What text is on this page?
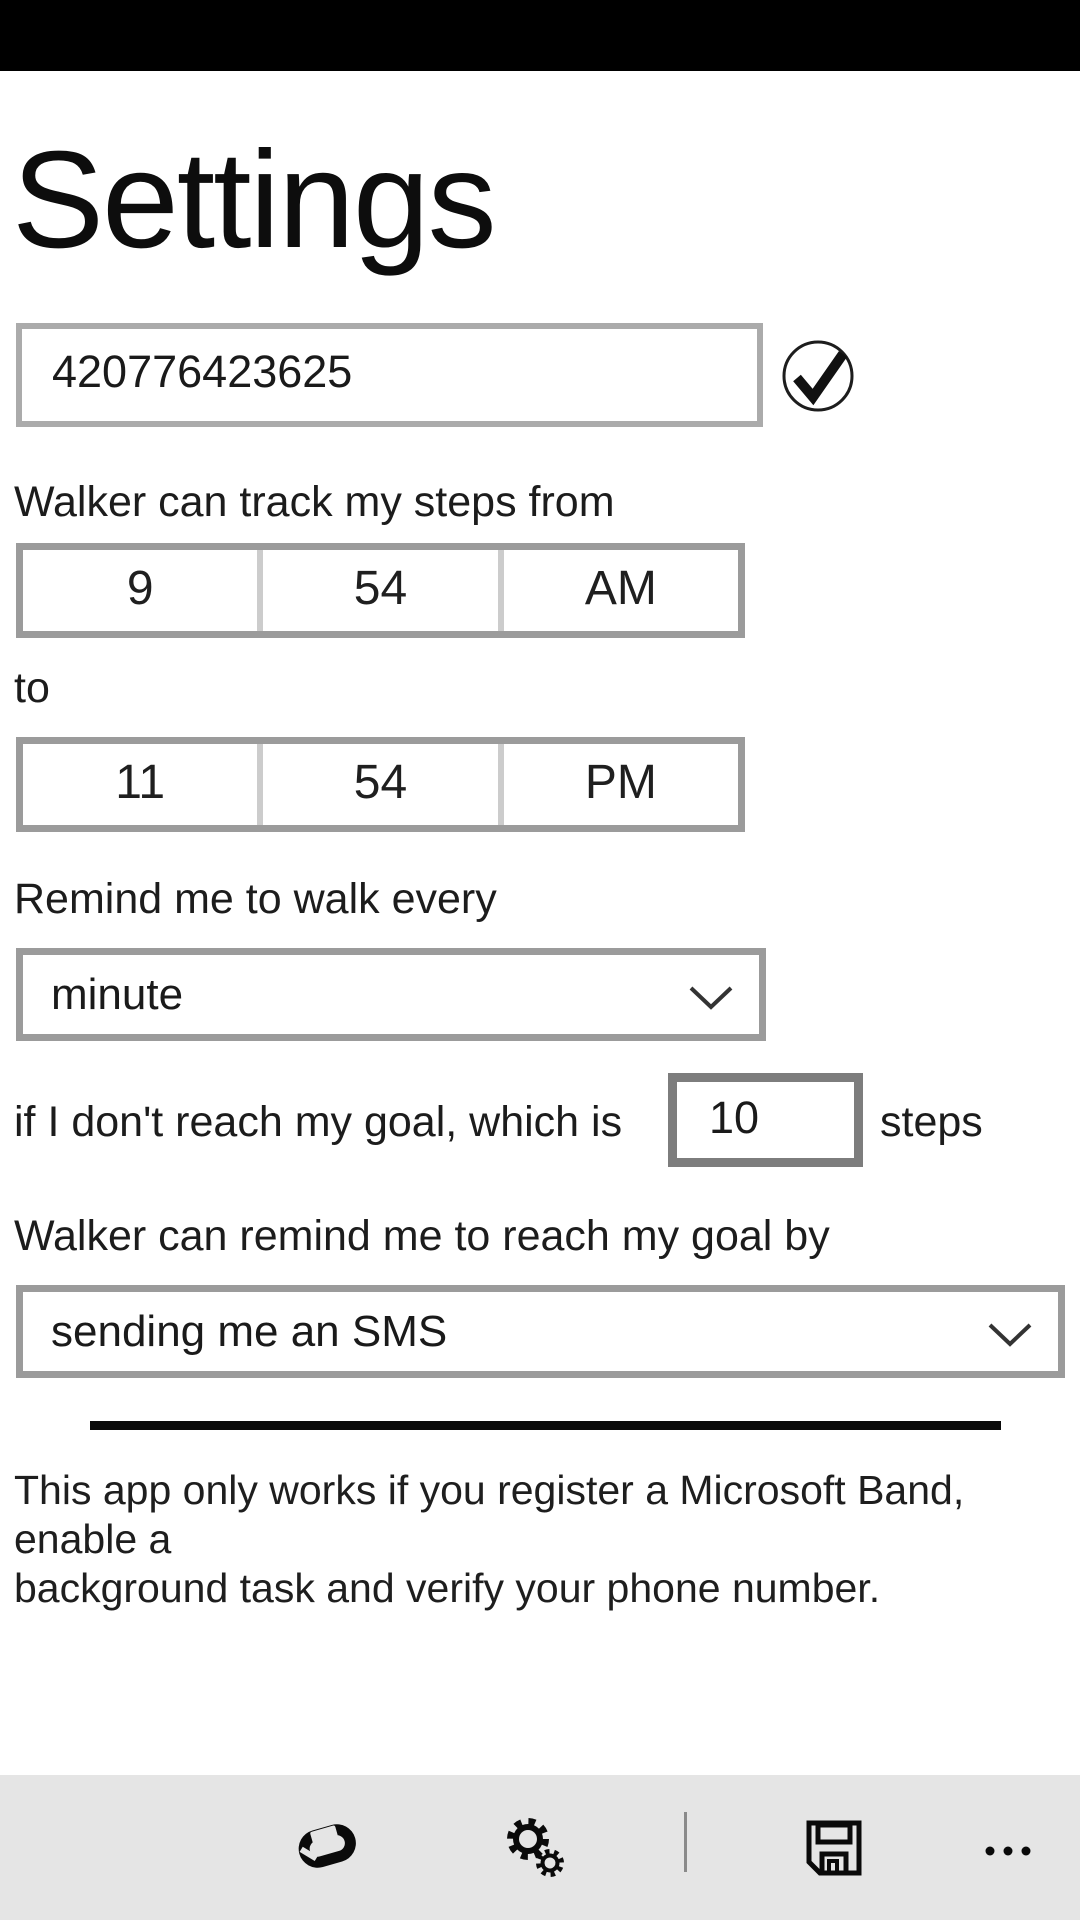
Settings
420776423625
Walker can track my steps from
9	54	AM
to
11	54	PM
Remind me to walk every
minute
if I don't reach my goal, which is	10	steps
Walker can remind me to reach my goal by
sending me an SMS
This app only works if you register a Microsoft Band, enable a
background task and verify your phone number.
